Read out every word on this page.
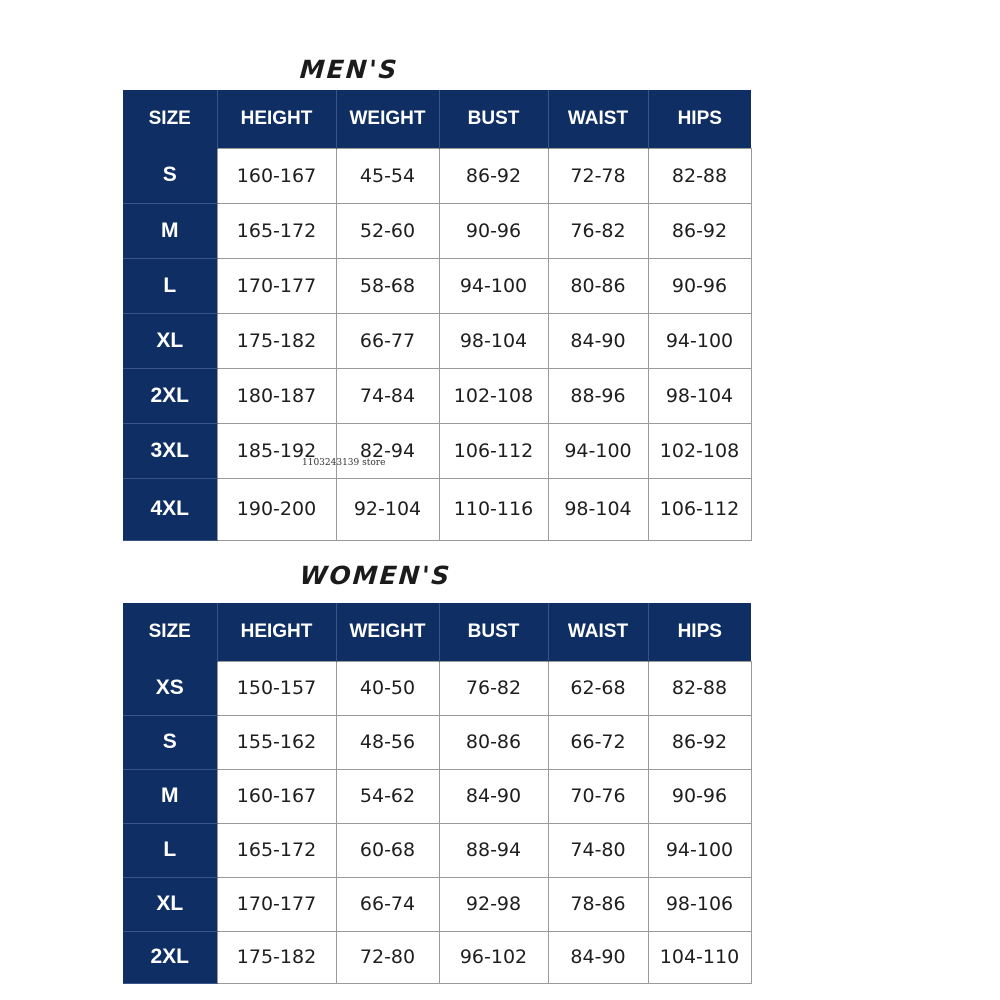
MEN'S
SIZE	HEIGHT	WEIGHT	BUST	WAIST	HIPS
S	160-167	45-54	86-92	72-78	82-88
M	165-172	52-60	90-96	76-82	86-92
L	170-177	58-68	94-100	80-86	90-96
XL	175-182	66-77	98-104	84-90	94-100
2XL	180-187	74-84	102-108	88-96	98-104
3XL	185-192	82-94	106-112	94-100	102-108
4XL	190-200	92-104	110-116	98-104	106-112
1103243139 store
WOMEN'S
SIZE	HEIGHT	WEIGHT	BUST	WAIST	HIPS
XS	150-157	40-50	76-82	62-68	82-88
S	155-162	48-56	80-86	66-72	86-92
M	160-167	54-62	84-90	70-76	90-96
L	165-172	60-68	88-94	74-80	94-100
XL	170-177	66-74	92-98	78-86	98-106
2XL	175-182	72-80	96-102	84-90	104-110
